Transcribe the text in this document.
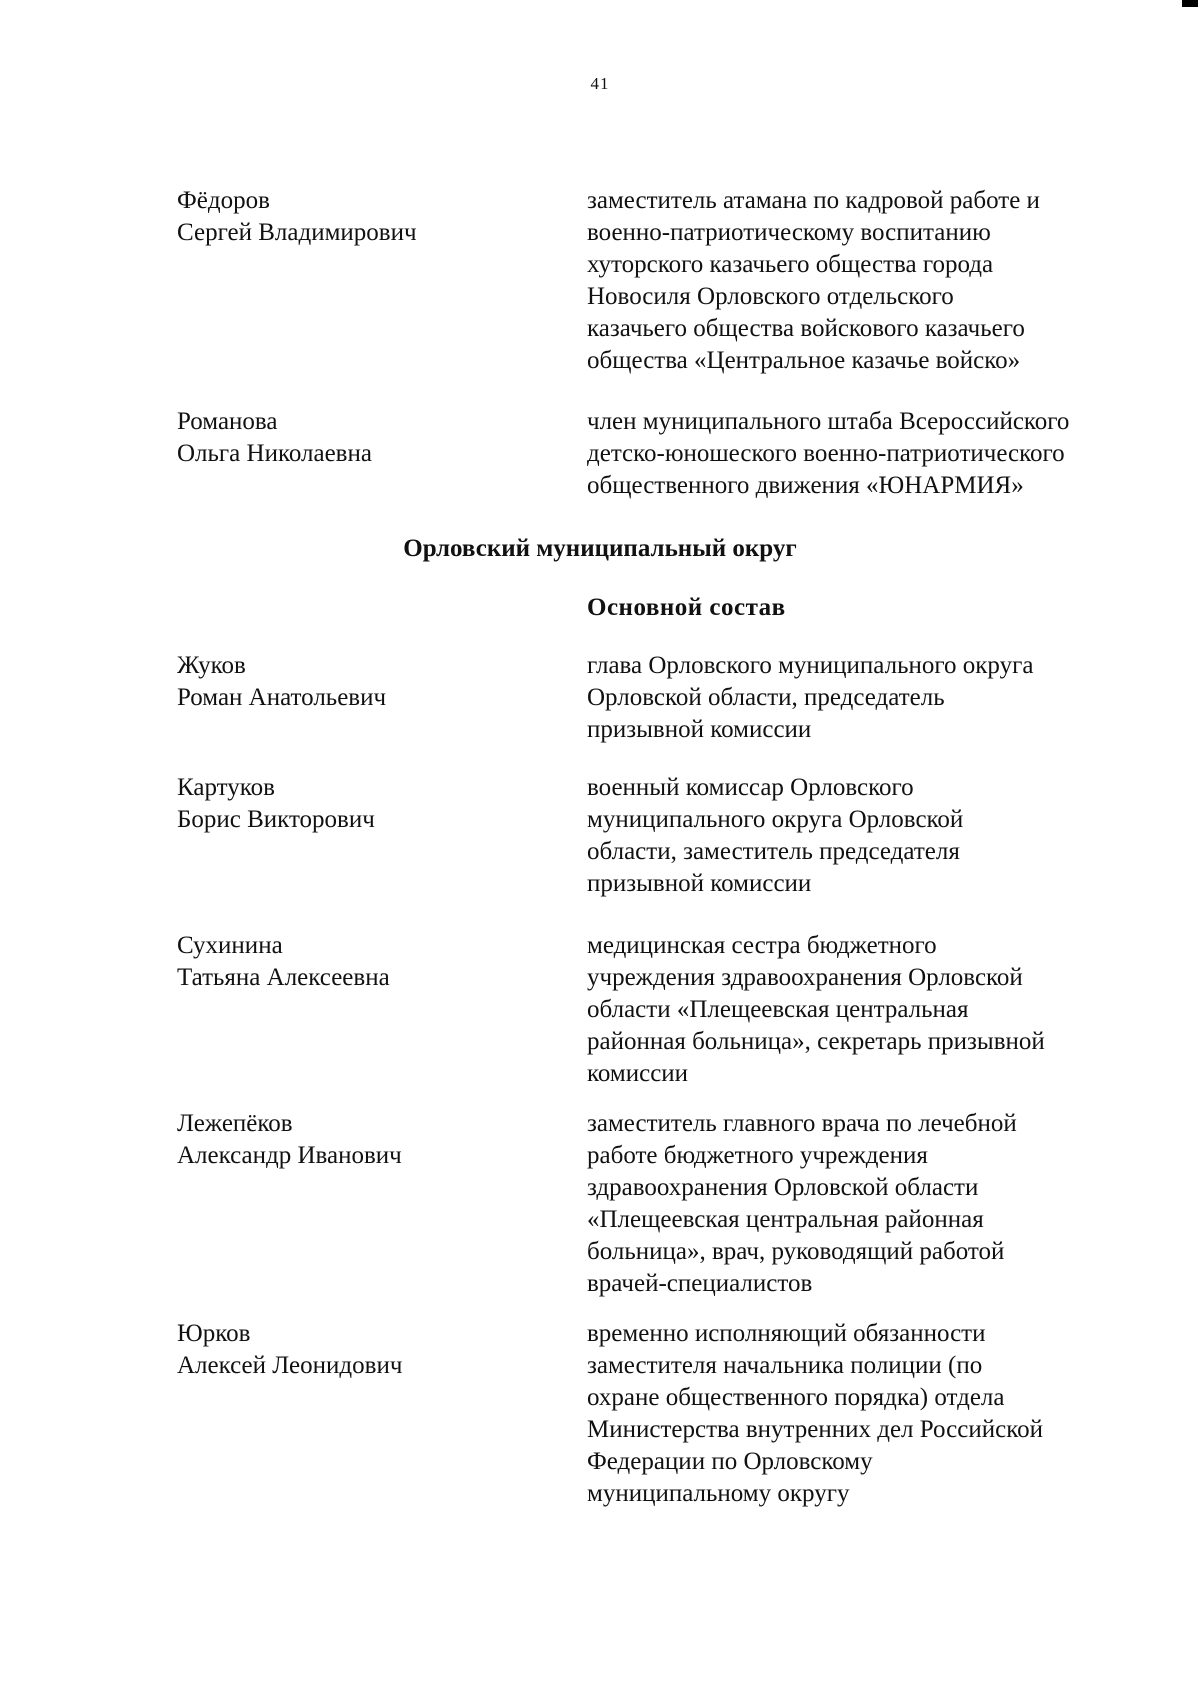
41
Фёдоров
Сергей Владимирович
заместитель атамана по кадровой работе и
военно-патриотическому воспитанию
хуторского казачьего общества города
Новосиля Орловского отдельского
казачьего общества войскового казачьего
общества «Центральное казачье войско»
Романова
Ольга Николаевна
член муниципального штаба Всероссийского
детско-юношеского военно-патриотического
общественного движения «ЮНАРМИЯ»
Орловский муниципальный округ
Основной состав
Жуков
Роман Анатольевич
глава Орловского муниципального округа
Орловской области, председатель
призывной комиссии
Картуков
Борис Викторович
военный комиссар Орловского
муниципального округа Орловской
области, заместитель председателя
призывной комиссии
Сухинина
Татьяна Алексеевна
медицинская сестра бюджетного
учреждения здравоохранения Орловской
области «Плещеевская центральная
районная больница», секретарь призывной
комиссии
Лежепёков
Александр Иванович
заместитель главного врача по лечебной
работе бюджетного учреждения
здравоохранения Орловской области
«Плещеевская центральная районная
больница», врач, руководящий работой
врачей-специалистов
Юрков
Алексей Леонидович
временно исполняющий обязанности
заместителя начальника полиции (по
охране общественного порядка) отдела
Министерства внутренних дел Российской
Федерации по Орловскому
муниципальному округу
